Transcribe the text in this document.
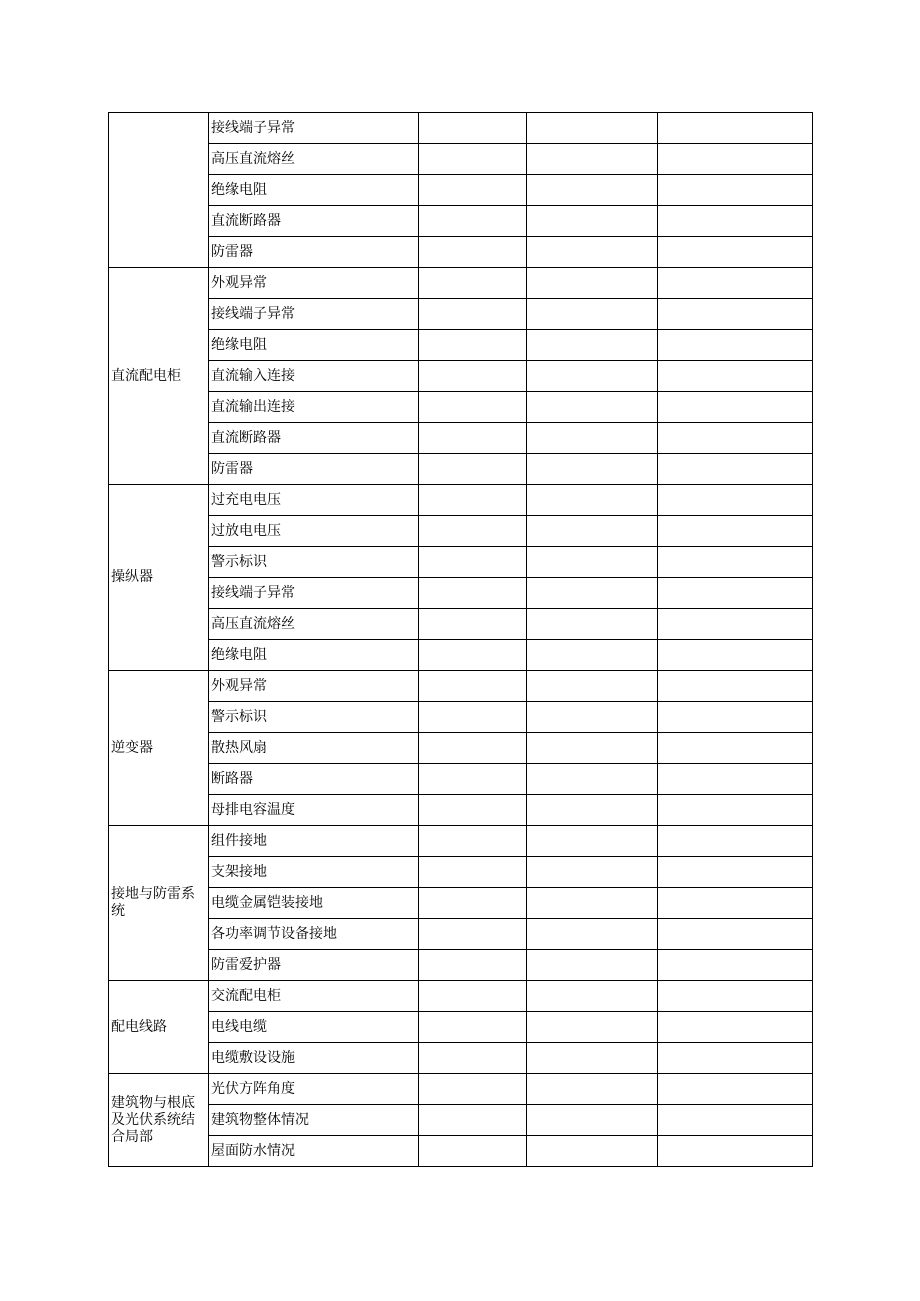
	接线端子异常			
	高压直流熔丝			
	绝缘电阻			
	直流断路器			
	防雷器			
直流配电柜	外观异常			
	接线端子异常			
	绝缘电阻			
	直流输入连接			
	直流输出连接			
	直流断路器			
	防雷器			
操纵器	过充电电压			
	过放电电压			
	警示标识			
	接线端子异常			
	高压直流熔丝			
	绝缘电阻			
逆变器	外观异常			
	警示标识			
	散热风扇			
	断路器			
	母排电容温度			
接地与防雷系统	组件接地			
	支架接地			
	电缆金属铠装接地			
	各功率调节设备接地			
	防雷爱护器			
配电线路	交流配电柜			
	电线电缆			
	电缆敷设设施			
建筑物与根底及光伏系统结合局部	光伏方阵角度			
	建筑物整体情况			
	屋面防水情况			
